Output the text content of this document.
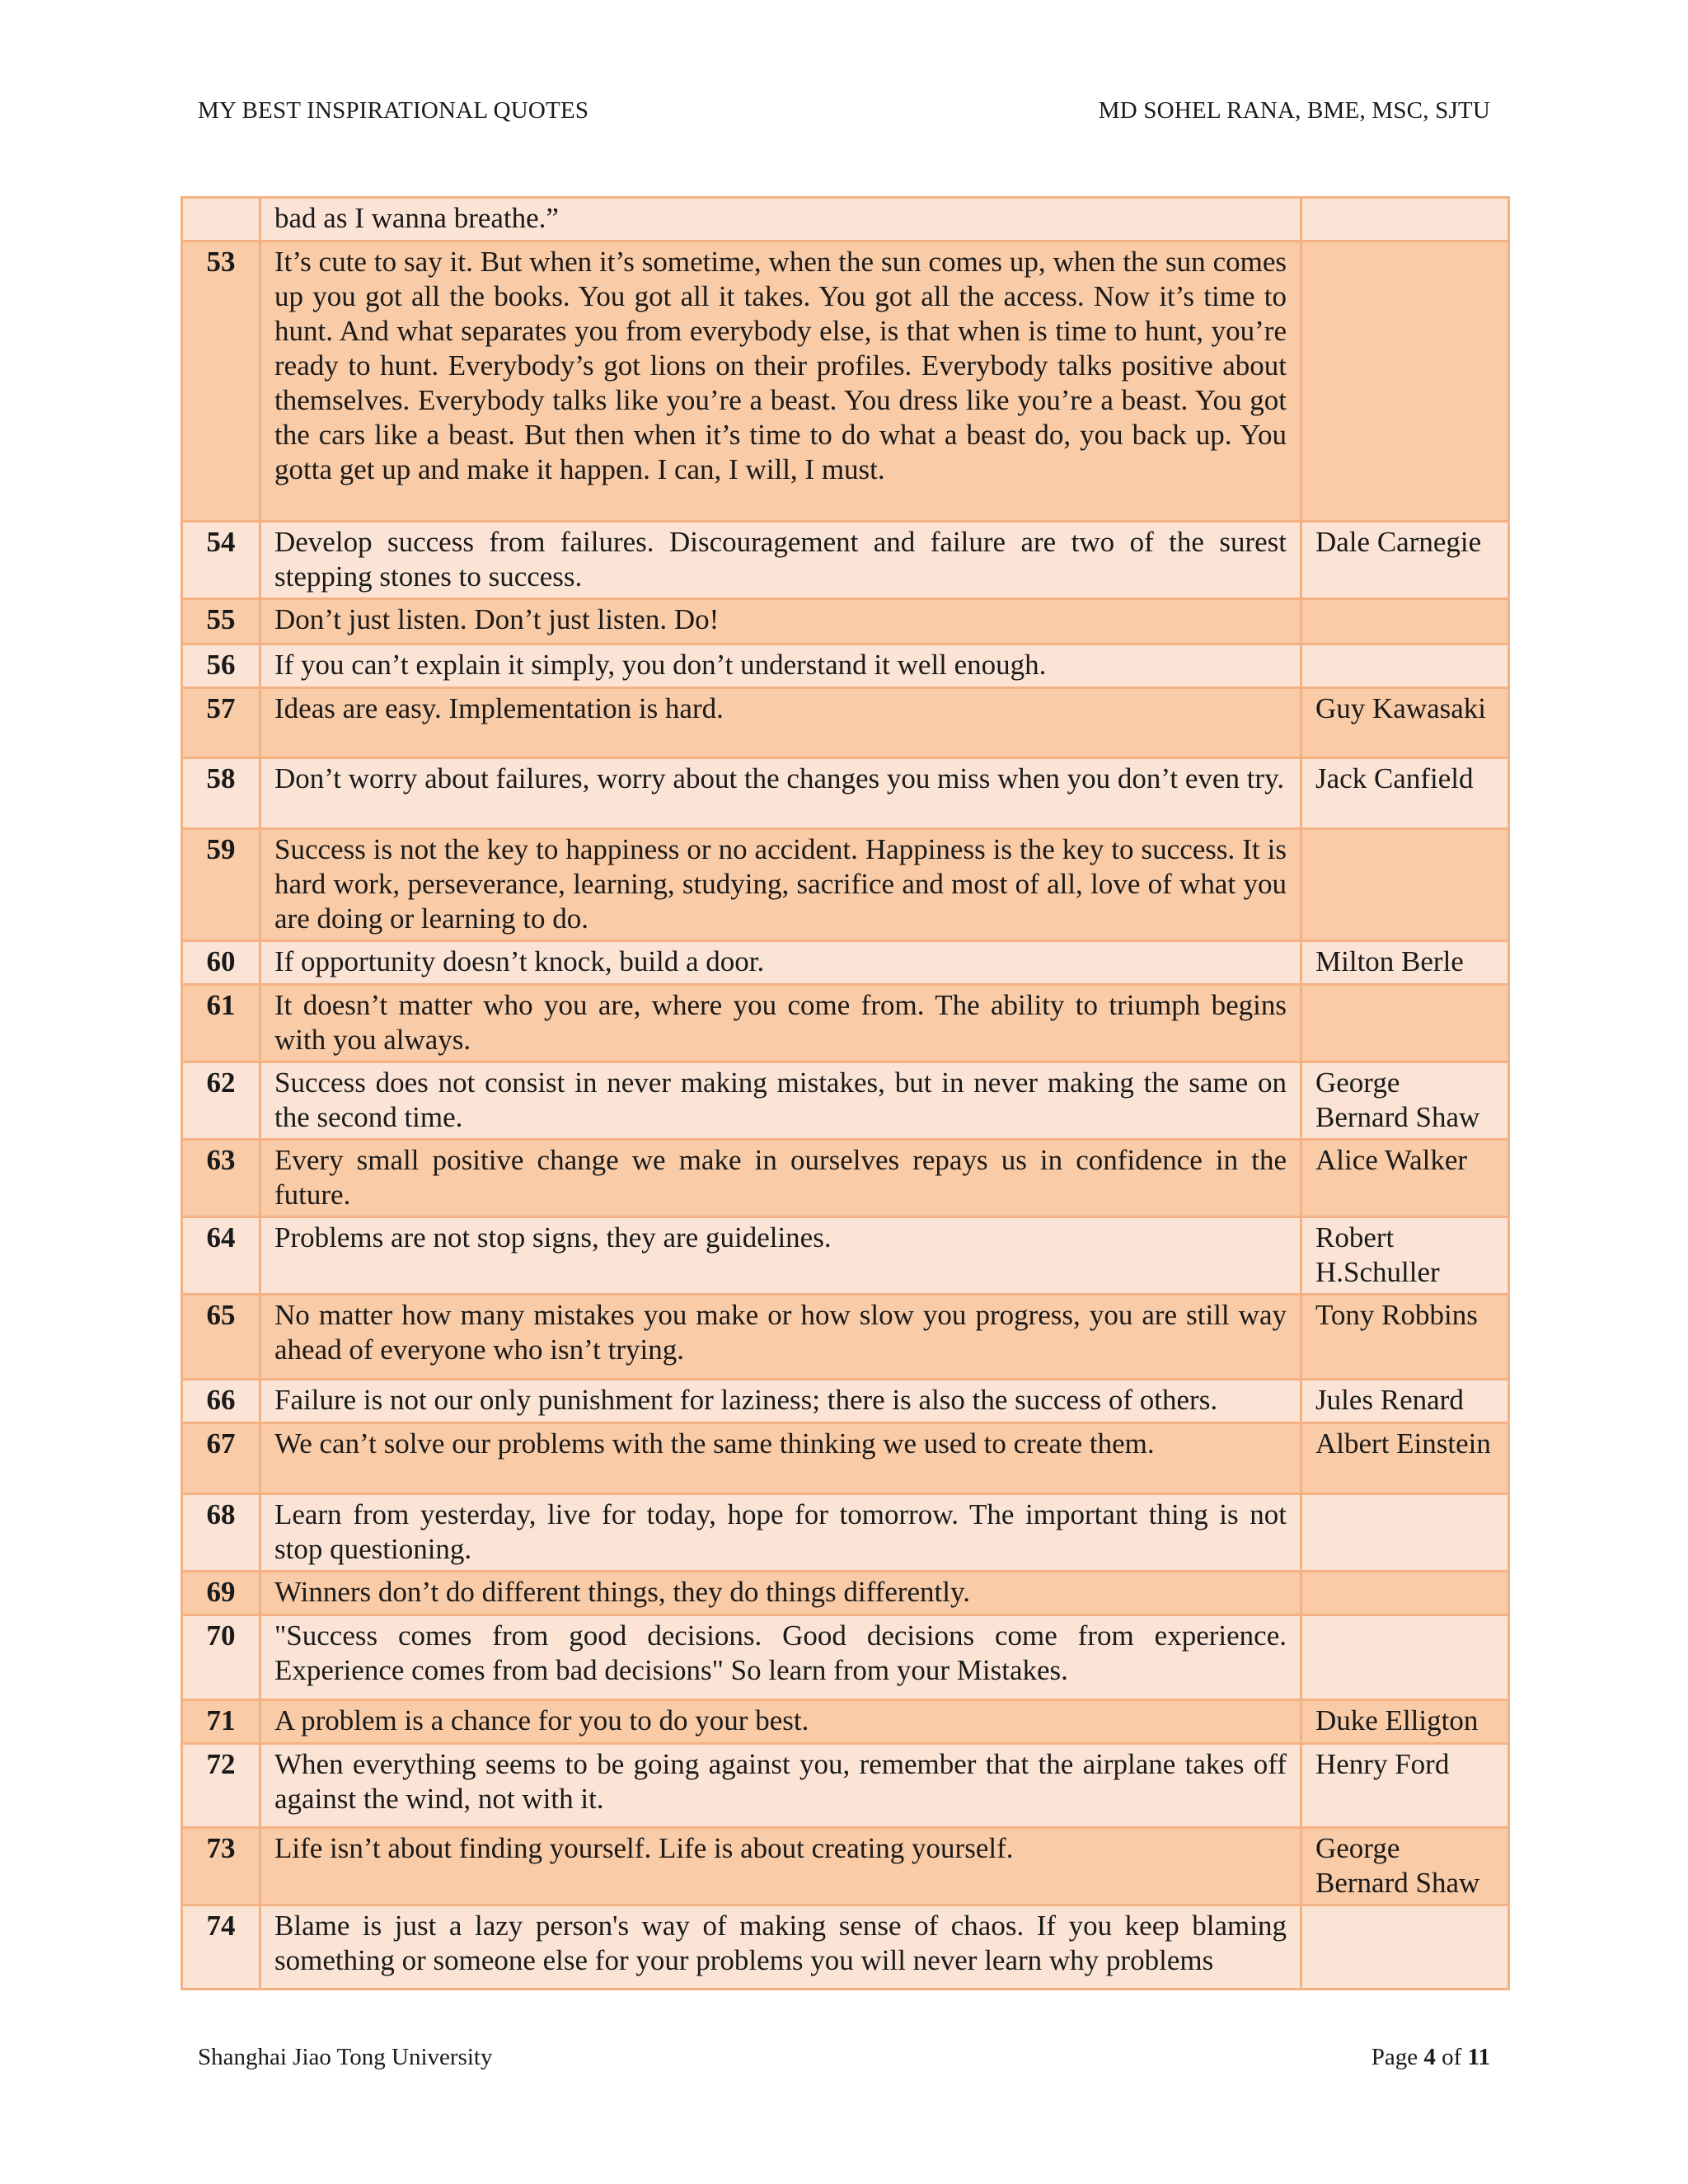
MY BEST INSPIRATIONAL QUOTES	MD SOHEL RANA, BME, MSC, SJTU
	bad as I wanna breathe.”	
53	It’s cute to say it. But when it’s sometime, when the sun comes up, when the sun comes up you got all the books. You got all it takes. You got all the access. Now it’s time to hunt. And what separates you from everybody else, is that when is time to hunt, you’re ready to hunt. Everybody’s got lions on their profiles. Everybody talks positive about themselves. Everybody talks like you’re a beast. You dress like you’re a beast. You got the cars like a beast. But then when it’s time to do what a beast do, you back up. You gotta get up and make it happen. I can, I will, I must.	
54	Develop success from failures. Discouragement and failure are two of the surest stepping stones to success.	Dale Carnegie
55	Don’t just listen. Don’t just listen. Do!	
56	If you can’t explain it simply, you don’t understand it well enough.	
57	Ideas are easy. Implementation is hard.	Guy Kawasaki
58	Don’t worry about failures, worry about the changes you miss when you don’t even try.	Jack Canfield
59	Success is not the key to happiness or no accident. Happiness is the key to success. It is hard work, perseverance, learning, studying, sacrifice and most of all, love of what you are doing or learning to do.	
60	If opportunity doesn’t knock, build a door.	Milton Berle
61	It doesn’t matter who you are, where you come from. The ability to triumph begins with you always.	
62	Success does not consist in never making mistakes, but in never making the same on the second time.	George Bernard Shaw
63	Every small positive change we make in ourselves repays us in confidence in the future.	Alice Walker
64	Problems are not stop signs, they are guidelines.	Robert H.Schuller
65	No matter how many mistakes you make or how slow you progress, you are still way ahead of everyone who isn’t trying.	Tony Robbins
66	Failure is not our only punishment for laziness; there is also the success of others.	Jules Renard
67	We can’t solve our problems with the same thinking we used to create them.	Albert Einstein
68	Learn from yesterday, live for today, hope for tomorrow. The important thing is not stop questioning.	
69	Winners don’t do different things, they do things differently.	
70	"Success comes from good decisions. Good decisions come from experience. Experience comes from bad decisions" So learn from your Mistakes.	
71	A problem is a chance for you to do your best.	Duke Elligton
72	When everything seems to be going against you, remember that the airplane takes off against the wind, not with it.	Henry Ford
73	Life isn’t about finding yourself. Life is about creating yourself.	George Bernard Shaw
74	Blame is just a lazy person's way of making sense of chaos. If you keep blaming something or someone else for your problems you will never learn why problems	
Shanghai Jiao Tong University	Page 4 of 11
